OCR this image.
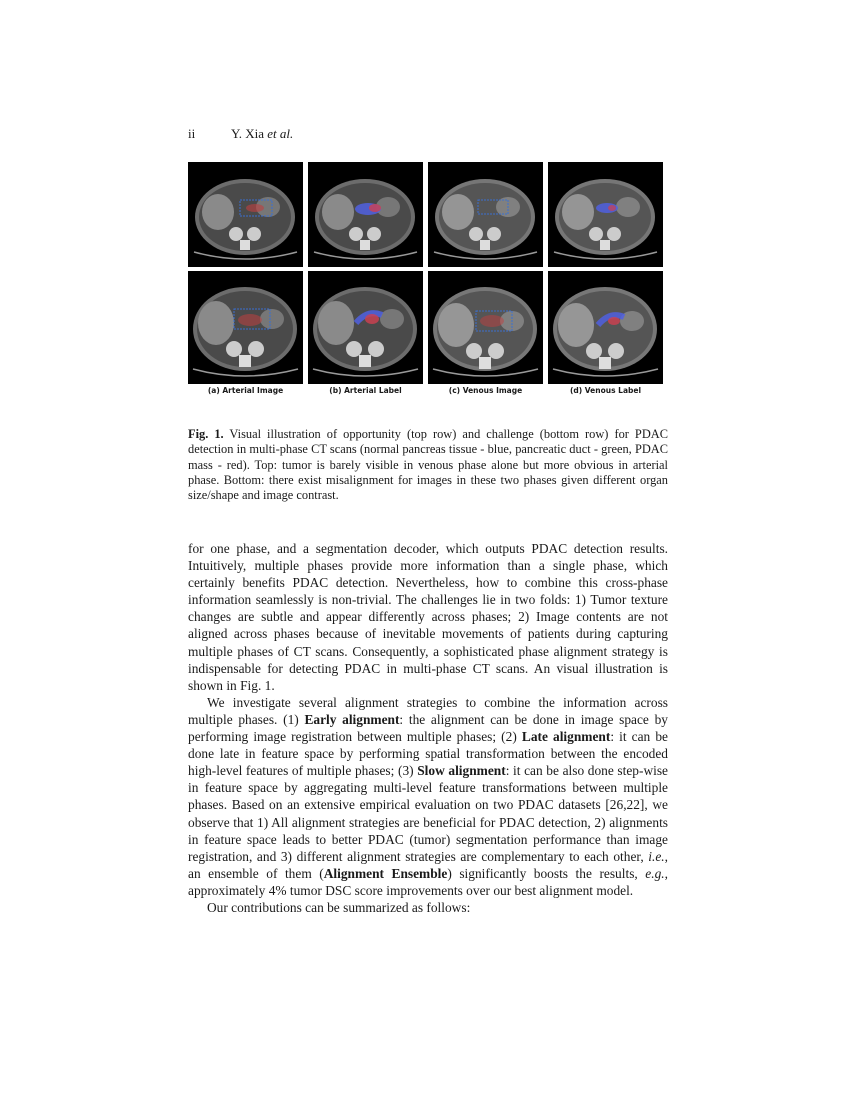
ii	Y. Xia et al.
(a) Arterial Image	(b) Arterial Label	(c) Venous Image	(d) Venous Label
Fig. 1. Visual illustration of opportunity (top row) and challenge (bottom row) for PDAC detection in multi-phase CT scans (normal pancreas tissue - blue, pancreatic duct - green, PDAC mass - red). Top: tumor is barely visible in venous phase alone but more obvious in arterial phase. Bottom: there exist misalignment for images in these two phases given different organ size/shape and image contrast.

for one phase, and a segmentation decoder, which outputs PDAC detection results. Intuitively, multiple phases provide more information than a single phase, which certainly benefits PDAC detection. Nevertheless, how to combine this cross-phase information seamlessly is non-trivial. The challenges lie in two folds: 1) Tumor texture changes are subtle and appear differently across phases; 2) Image contents are not aligned across phases because of inevitable movements of patients during capturing multiple phases of CT scans. Consequently, a sophisticated phase alignment strategy is indispensable for detecting PDAC in multi-phase CT scans. An visual illustration is shown in Fig. 1.

We investigate several alignment strategies to combine the information across multiple phases. (1) Early alignment: the alignment can be done in image space by performing image registration between multiple phases; (2) Late alignment: it can be done late in feature space by performing spatial transformation between the encoded high-level features of multiple phases; (3) Slow alignment: it can be also done step-wise in feature space by aggregating multi-level feature transformations between multiple phases. Based on an extensive empirical evaluation on two PDAC datasets [26,22], we observe that 1) All alignment strategies are beneficial for PDAC detection, 2) alignments in feature space leads to better PDAC (tumor) segmentation performance than image registration, and 3) different alignment strategies are complementary to each other, i.e., an ensemble of them (Alignment Ensemble) significantly boosts the results, e.g., approximately 4% tumor DSC score improvements over our best alignment model.

Our contributions can be summarized as follows:
